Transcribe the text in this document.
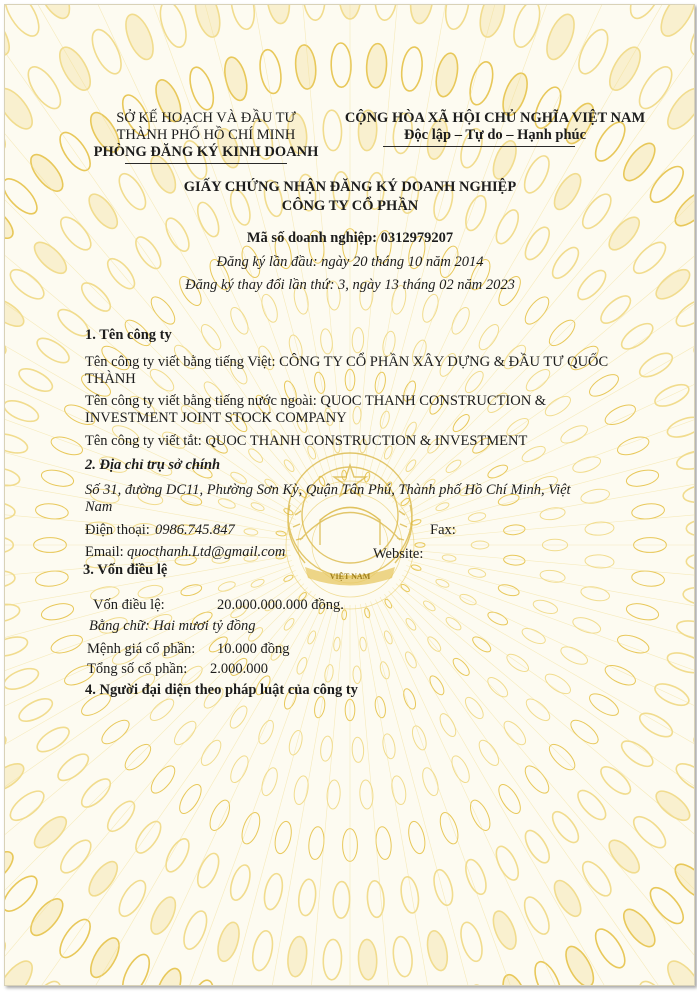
VIỆT NAM
SỞ KẾ HOẠCH VÀ ĐẦU TƯ
THÀNH PHỐ HỒ CHÍ MINH
PHÒNG ĐĂNG KÝ KINH DOANH
CỘNG HÒA XÃ HỘI CHỦ NGHĨA VIỆT NAM
Độc lập – Tự do – Hạnh phúc
GIẤY CHỨNG NHẬN ĐĂNG KÝ DOANH NGHIỆP
CÔNG TY CỔ PHẦN
Mã số doanh nghiệp: 0312979207
Đăng ký lần đầu: ngày 20 tháng 10 năm 2014
Đăng ký thay đổi lần thứ: 3, ngày 13 tháng 02 năm 2023
1. Tên công ty
Tên công ty viết bằng tiếng Việt: CÔNG TY CỔ PHẦN XÂY DỰNG & ĐẦU TƯ QUỐC
THÀNH
Tên công ty viết bằng tiếng nước ngoài: QUOC THANH CONSTRUCTION &
INVESTMENT JOINT STOCK COMPANY
Tên công ty viết tắt: QUOC THANH CONSTRUCTION & INVESTMENT
2. Địa chỉ trụ sở chính
Số 31, đường DC11, Phường Sơn Kỳ, Quận Tân Phú, Thành phố Hồ Chí Minh, Việt
Nam
Điện thoại: 0986.745.847	Fax:
Email: quocthanh.Ltd@gmail.com	Website:
3. Vốn điều lệ
Vốn điều lệ:	20.000.000.000 đồng.
Bằng chữ: Hai mươi tỷ đồng
Mệnh giá cổ phần: 10.000 đồng
Tổng số cổ phần: 2.000.000
4. Người đại diện theo pháp luật của công ty
